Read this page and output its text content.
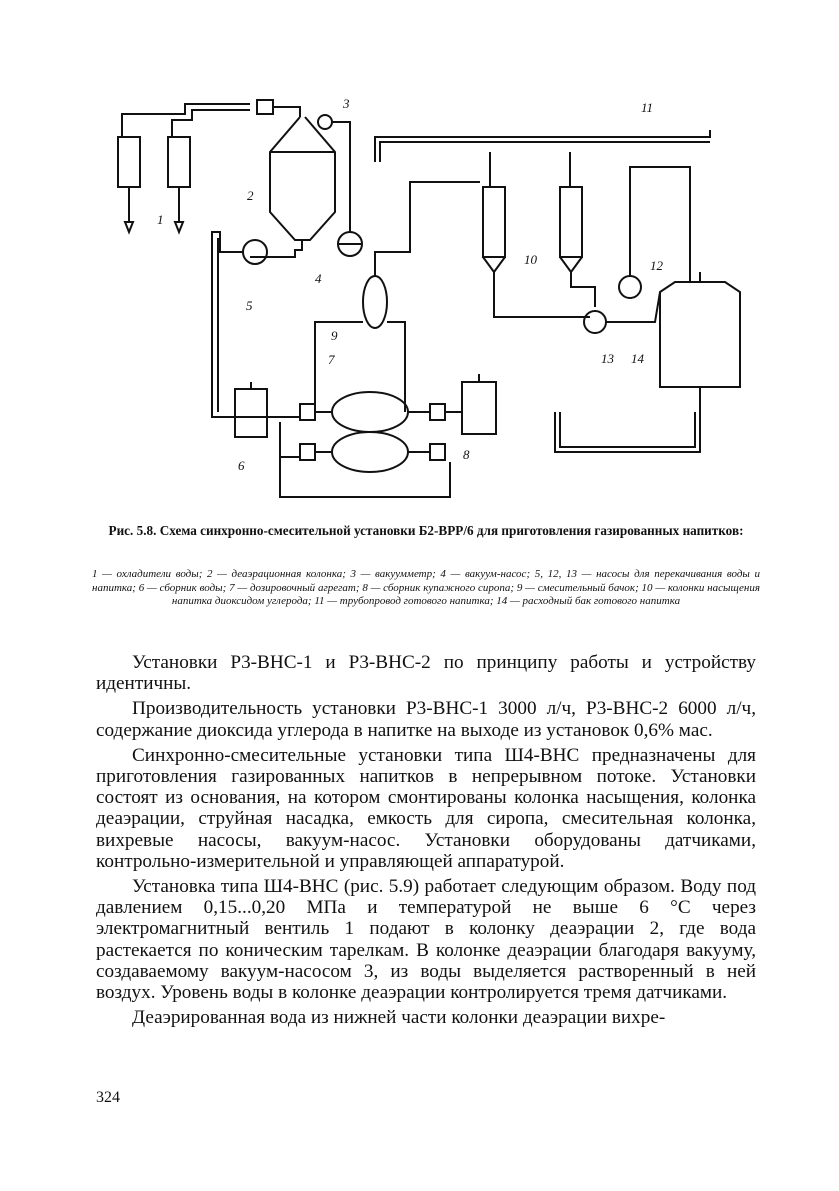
1
2
3
4
5
6
7
8
9
10
11
12
13 14
Рис. 5.8. Схема синхронно-смесительной установки Б2-ВРР/6 для приготовления газированных напитков:
1 — охладители воды; 2 — деаэрационная колонка; 3 — вакуумметр; 4 — вакуум-насос; 5, 12, 13 — насосы для перекачивания воды и напитка; 6 — сборник воды; 7 — дозировочный агрегат; 8 — сборник купажного сиропа; 9 — смесительный бачок; 10 — колонки насыщения напитка диоксидом углерода; 11 — трубопровод готового напитка; 14 — расходный бак готового напитка

Установки Р3-ВНС-1 и Р3-ВНС-2 по принципу работы и устройству идентичны.

Производительность установки Р3-ВНС-1 3000 л/ч, Р3-ВНС-2 6000 л/ч, содержание диоксида углерода в напитке на выходе из установок 0,6% мас.

Синхронно-смесительные установки типа Ш4-ВНС предназначены для приготовления газированных напитков в непрерывном потоке. Установки состоят из основания, на котором смонтированы колонка насыщения, колонка деаэрации, струйная насадка, емкость для сиропа, смесительная колонка, вихревые насосы, вакуум-насос. Установки оборудованы датчиками, контрольно-измерительной и управляющей аппаратурой.

Установка типа Ш4-ВНС (рис. 5.9) работает следующим образом. Воду под давлением 0,15...0,20 МПа и температурой не выше 6 °С через электромагнитный вентиль 1 подают в колонку деаэрации 2, где вода растекается по коническим тарелкам. В колонке деаэрации благодаря вакууму, создаваемому вакуум-насосом 3, из воды выделяется растворенный в ней воздух. Уровень воды в колонке деаэрации контролируется тремя датчиками.

Деаэрированная вода из нижней части колонки деаэрации вихре-

324
